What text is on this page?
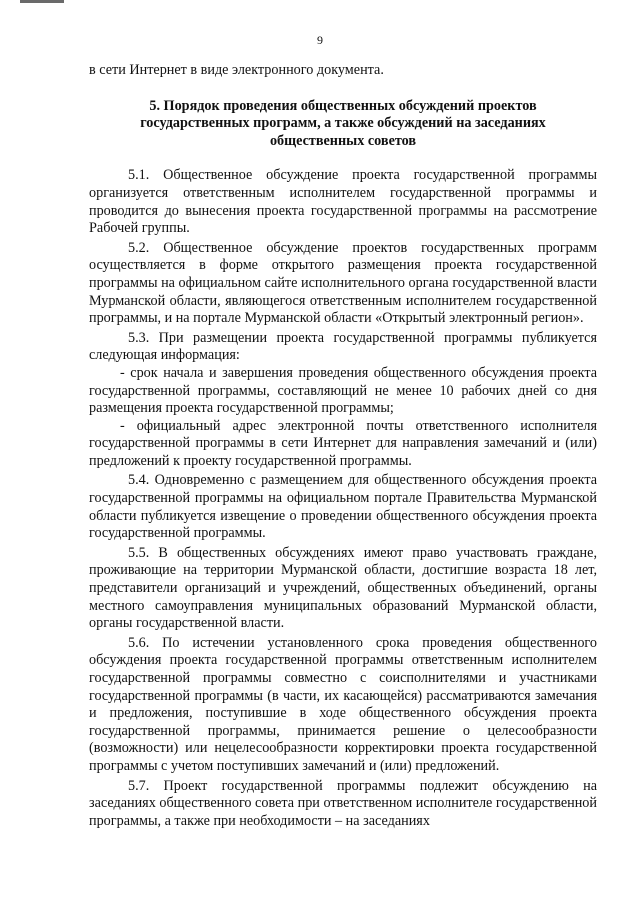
9

в сети Интернет в виде электронного документа.

5. Порядок проведения общественных обсуждений проектов
государственных программ, а также обсуждений на заседаниях
общественных советов

5.1. Общественное обсуждение проекта государственной программы организуется ответственным исполнителем государственной программы и проводится до вынесения проекта государственной программы на рассмотрение Рабочей группы.

5.2. Общественное обсуждение проектов государственных программ осуществляется в форме открытого размещения проекта государственной программы на официальном сайте исполнительного органа государственной власти Мурманской области, являющегося ответственным исполнителем государственной программы, и на портале Мурманской области «Открытый электронный регион».

5.3. При размещении проекта государственной программы публикуется следующая информация:

- срок начала и завершения проведения общественного обсуждения проекта государственной программы, составляющий не менее 10 рабочих дней со дня размещения проекта государственной программы;

- официальный адрес электронной почты ответственного исполнителя государственной программы в сети Интернет для направления замечаний и (или) предложений к проекту государственной программы.

5.4. Одновременно с размещением для общественного обсуждения проекта государственной программы на официальном портале Правительства Мурманской области публикуется извещение о проведении общественного обсуждения проекта государственной программы.

5.5. В общественных обсуждениях имеют право участвовать граждане, проживающие на территории Мурманской области, достигшие возраста 18 лет, представители организаций и учреждений, общественных объединений, органы местного самоуправления муниципальных образований Мурманской области, органы государственной власти.

5.6. По истечении установленного срока проведения общественного обсуждения проекта государственной программы ответственным исполнителем государственной программы совместно с соисполнителями и участниками государственной программы (в части, их касающейся) рассматриваются замечания и предложения, поступившие в ходе общественного обсуждения проекта государственной программы, принимается решение о целесообразности (возможности) или нецелесообразности корректировки проекта государственной программы с учетом поступивших замечаний и (или) предложений.

5.7. Проект государственной программы подлежит обсуждению на заседаниях общественного совета при ответственном исполнителе государственной программы, а также при необходимости – на заседаниях
